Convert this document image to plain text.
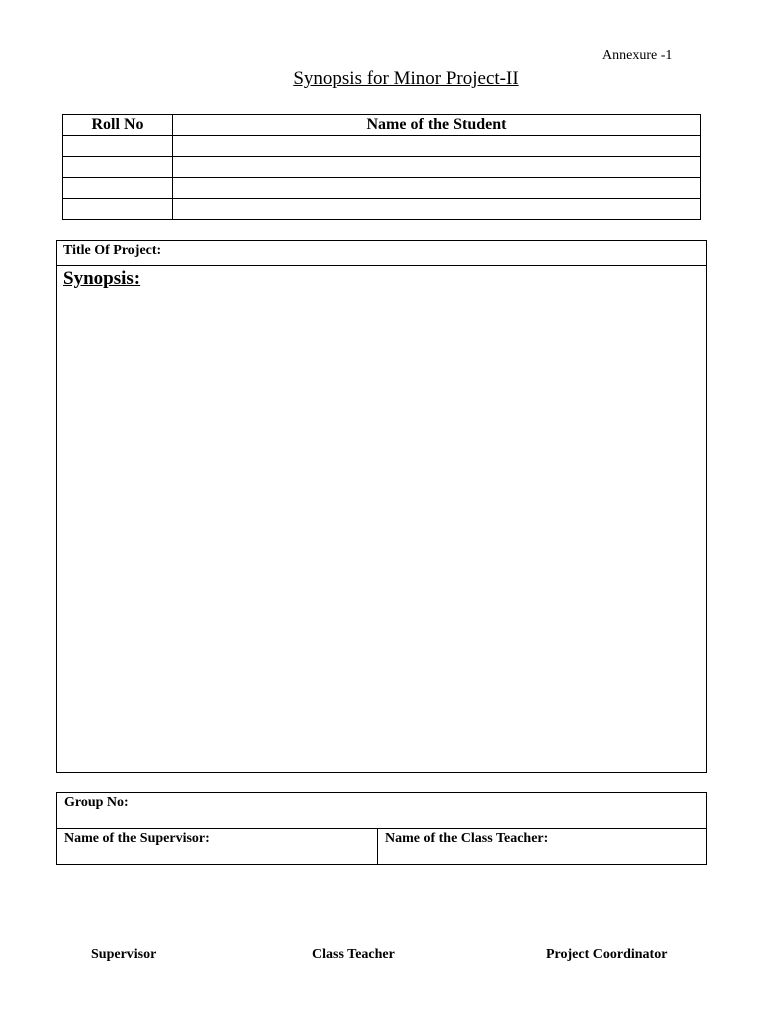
Annexure -1
Synopsis for Minor Project-II
Roll No	Name of the Student

Title Of Project:
Synopsis:
Group No:
Name of the Supervisor:	Name of the Class Teacher:
Supervisor	Class Teacher	Project Coordinator
